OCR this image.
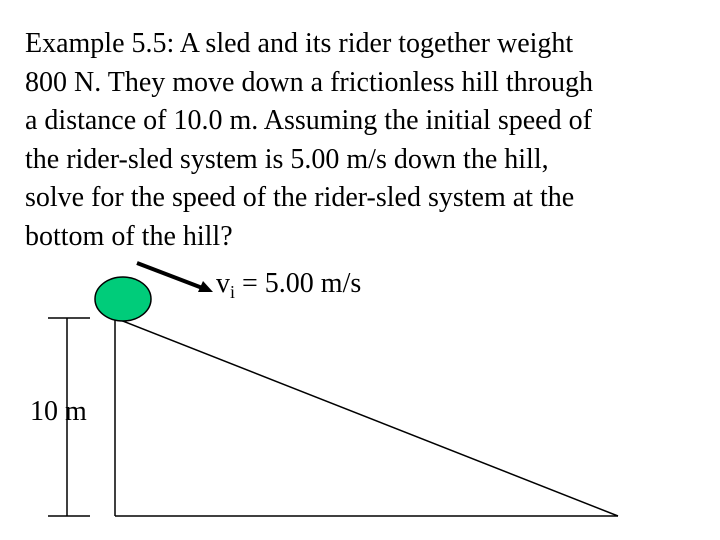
Example 5.5: A sled and its rider together weight
800 N. They move down a frictionless hill through
a distance of 10.0 m. Assuming the initial speed of
the rider-sled system is 5.00 m/s down the hill,
solve for the speed of the rider-sled system at the
bottom of the hill?
$v_i = 5.00$ m/s
10 m
